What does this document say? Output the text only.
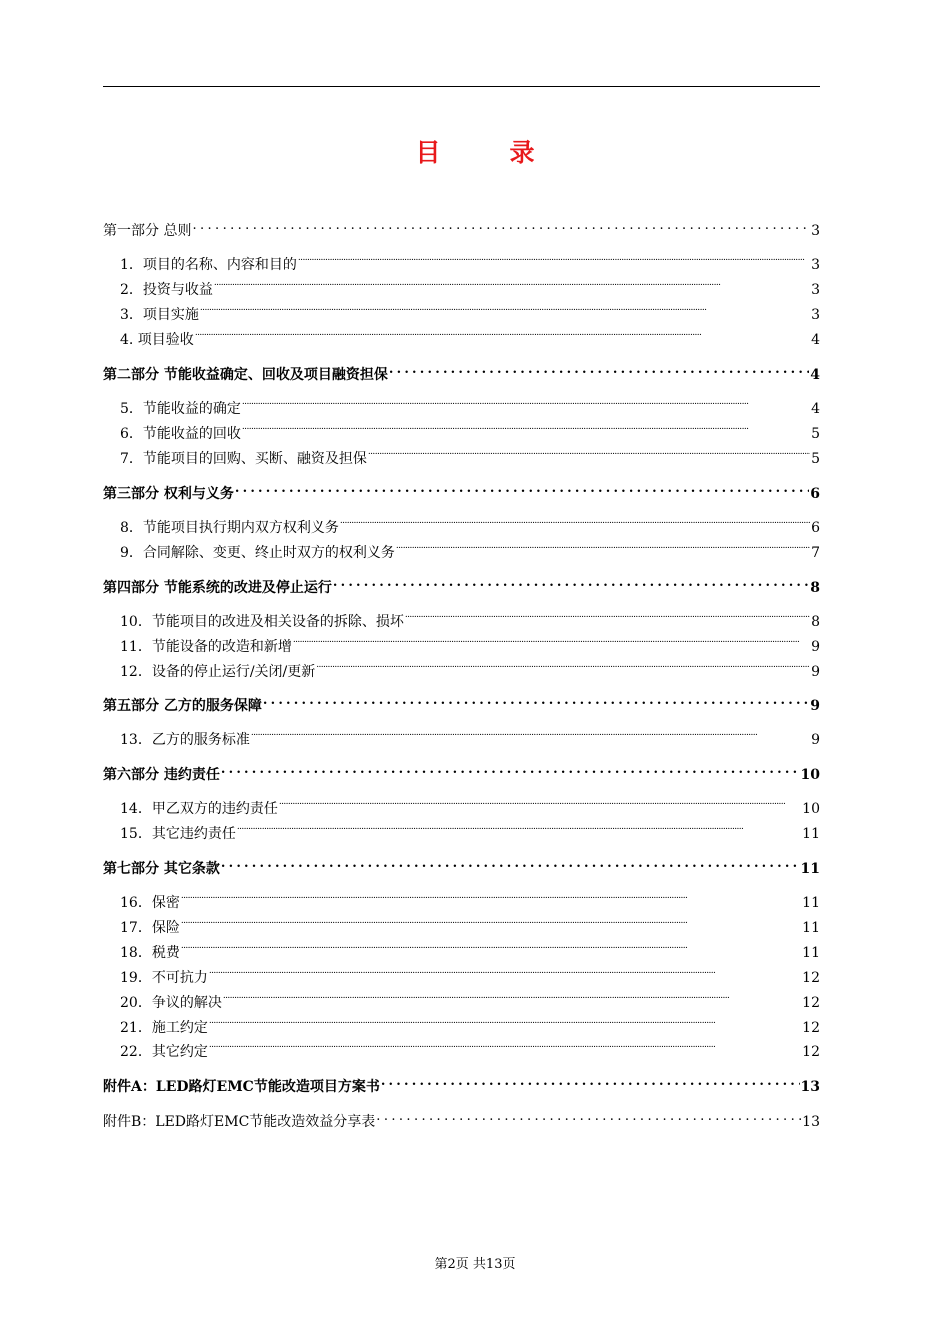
目　录
第一部分 总则 .....	3
1．项目的名称、内容和目的 .....	3
2．投资与收益 .....	3
3．项目实施 .....	3
4. 项目验收 .....	4
第二部分 节能收益确定、回收及项目融资担保 .....	4
5．节能收益的确定 .....	4
6．节能收益的回收 .....	5
7．节能项目的回购、买断、融资及担保 .....	5
第三部分 权利与义务 .....	6
8．节能项目执行期内双方权利义务 .....	6
9．合同解除、变更、终止时双方的权利义务 .....	7
第四部分 节能系统的改进及停止运行 .....	8
10．节能项目的改进及相关设备的拆除、损坏 .....	8
11．节能设备的改造和新增 .....	9
12．设备的停止运行/关闭/更新 .....	9
第五部分 乙方的服务保障 .....	9
13．乙方的服务标准 .....	9
第六部分 违约责任 .....	10
14．甲乙双方的违约责任 .....	10
15．其它违约责任 .....	11
第七部分 其它条款 .....	11
16．保密 .....	11
17．保险 .....	11
18．税费 .....	11
19．不可抗力 .....	12
20．争议的解决 .....	12
21．施工约定 .....	12
22．其它约定 .....	12
附件A：LED路灯EMC节能改造项目方案书 .....	13
附件B：LED路灯EMC节能改造效益分享表 .....	13
第2页 共13页
